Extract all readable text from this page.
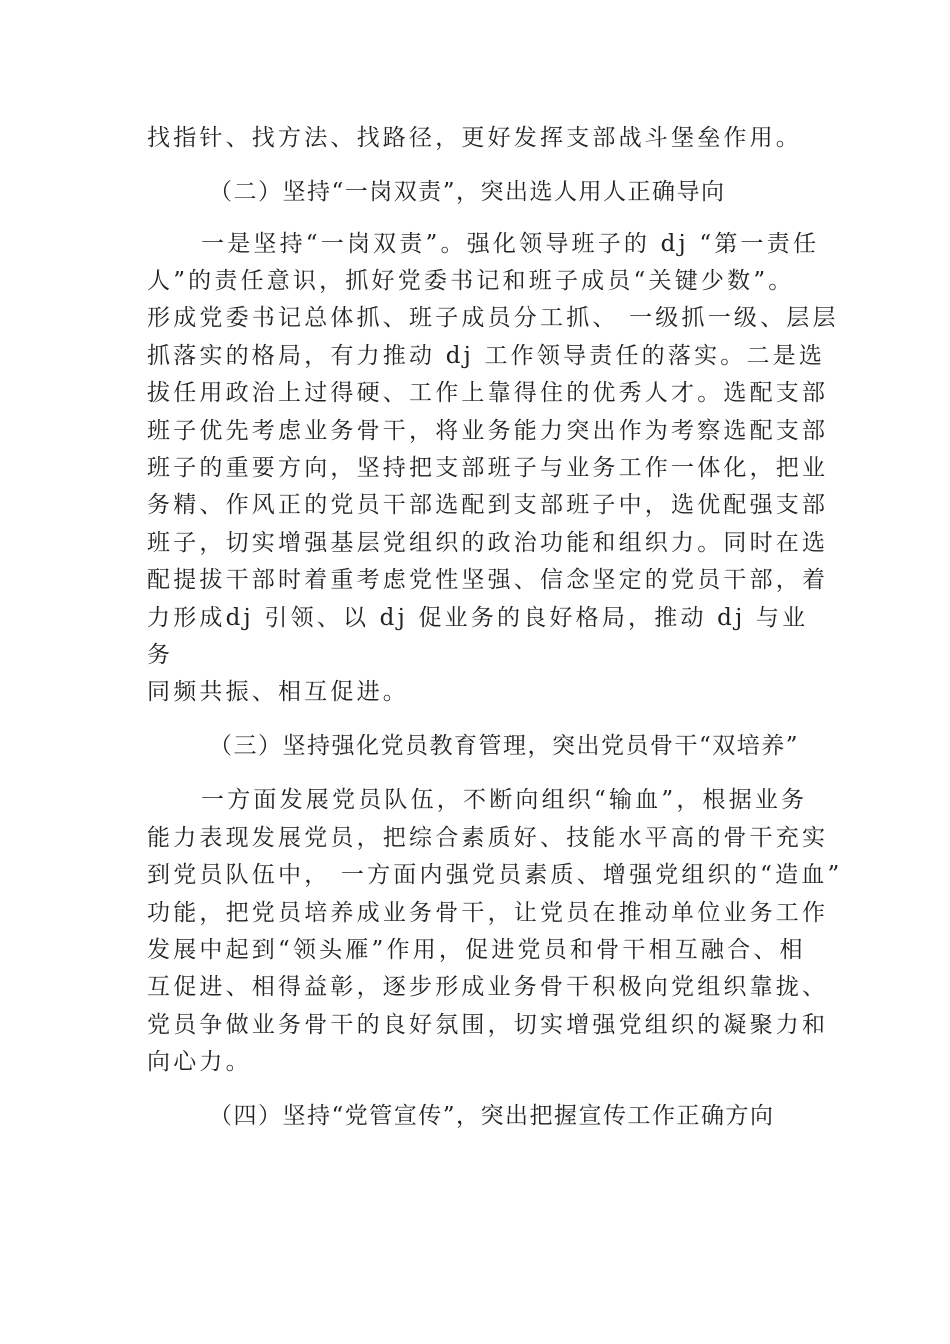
找指针、找方法、找路径，更好发挥支部战斗堡垒作用。
（二）坚持“一岗双责”，突出选人用人正确导向
一是坚持“一岗双责”。强化领导班子的 dj “第一责任
人”的责任意识，抓好党委书记和班子成员“关键少数”。
形成党委书记总体抓、班子成员分工抓、 一级抓一级、层层
抓落实的格局，有力推动 dj 工作领导责任的落实。二是选
拔任用政治上过得硬、工作上靠得住的优秀人才。选配支部
班子优先考虑业务骨干，将业务能力突出作为考察选配支部
班子的重要方向，坚持把支部班子与业务工作一体化，把业
务精、作风正的党员干部选配到支部班子中，选优配强支部
班子，切实增强基层党组织的政治功能和组织力。同时在选
配提拔干部时着重考虑党性坚强、信念坚定的党员干部，着
力形成dj 引领、以 dj 促业务的良好格局，推动 dj 与业
务
同频共振、相互促进。
（三）坚持强化党员教育管理，突出党员骨干“双培养”
一方面发展党员队伍，不断向组织“输血”，根据业务
能力表现发展党员，把综合素质好、技能水平高的骨干充实
到党员队伍中， 一方面内强党员素质、增强党组织的“造血”
功能，把党员培养成业务骨干，让党员在推动单位业务工作
发展中起到“领头雁”作用，促进党员和骨干相互融合、相
互促进、相得益彰，逐步形成业务骨干积极向党组织靠拢、
党员争做业务骨干的良好氛围，切实增强党组织的凝聚力和
向心力。
（四）坚持“党管宣传”，突出把握宣传工作正确方向
